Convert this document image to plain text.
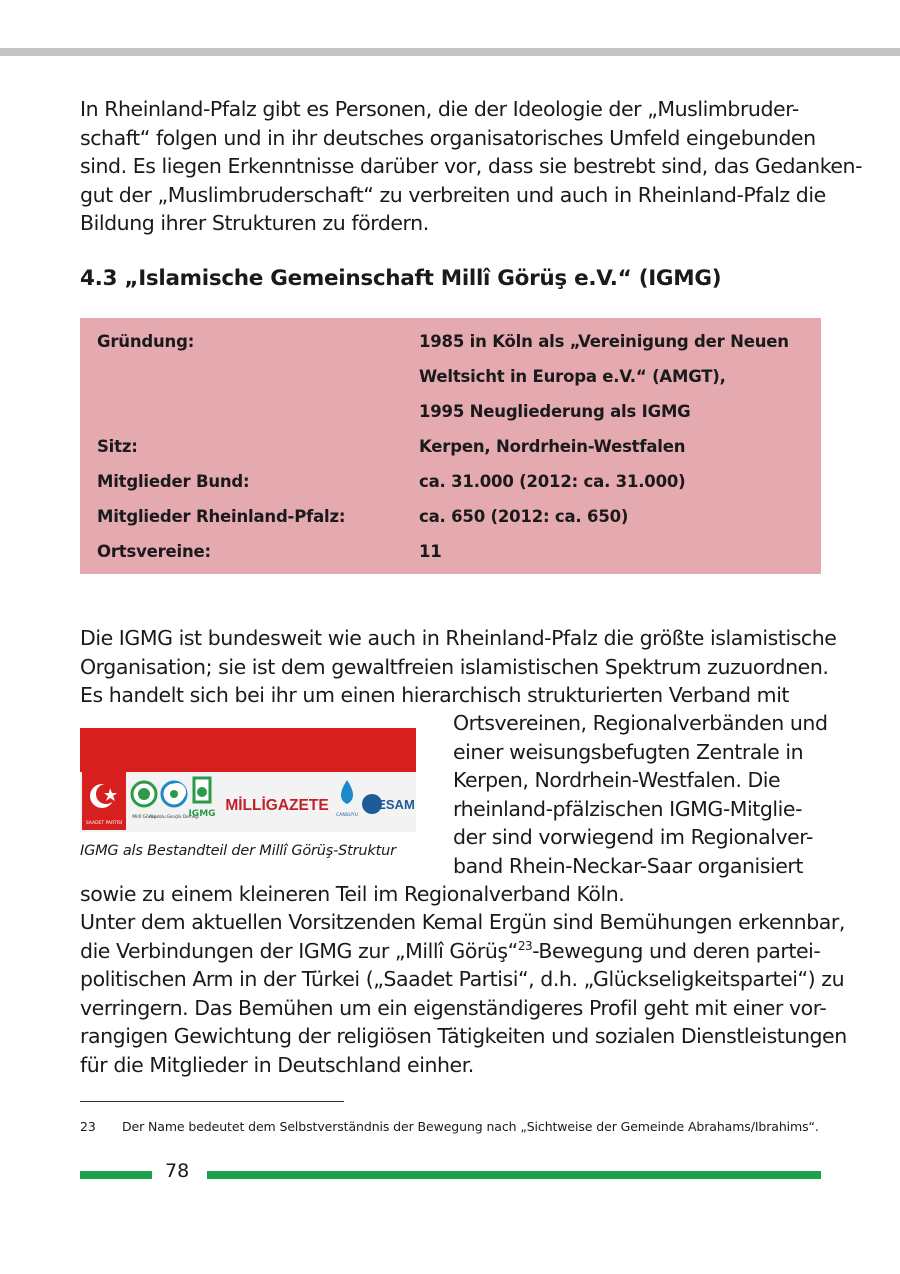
In Rheinland-Pfalz gibt es Personen, die der Ideologie der „Muslimbruder-
schaft“ folgen und in ihr deutsches organisatorisches Umfeld eingebunden
sind. Es liegen Erkenntnisse darüber vor, dass sie bestrebt sind, das Gedanken-
gut der „Muslimbruderschaft“ zu verbreiten und auch in Rheinland-Pfalz die
Bildung ihrer Strukturen zu fördern.
4.3 „Islamische Gemeinschaft Millî Görüş e.V.“ (IGMG)
Gründung:	1985 in Köln als „Vereinigung der Neuen
Weltsicht in Europa e.V.“ (AMGT),
1995 Neugliederung als IGMG
Sitz:	Kerpen, Nordrhein-Westfalen
Mitglieder Bund:	ca. 31.000 (2012: ca. 31.000)
Mitglieder Rheinland-Pfalz:	ca. 650 (2012: ca. 650)
Ortsvereine:	11
Die IGMG ist bundesweit wie auch in Rheinland-Pfalz die größte islamistische
Organisation; sie ist dem gewaltfreien islamistischen Spektrum zuzuordnen.
Es handelt sich bei ihr um einen hierarchisch strukturierten Verband mit
Ortsvereinen, Regionalverbänden und
einer weisungsbefugten Zentrale in
Kerpen, Nordrhein-Westfalen. Die
rheinland-pfälzischen IGMG-Mitglie-
der sind vorwiegend im Regionalver-
band Rhein-Neckar-Saar organisiert
SAADET PARTİSİ
Millî Görüş
Anadolu Gençlik Derneği
IGMG MİLLİGAZETE
CANSUYU
ESAM
IGMG als Bestandteil der Millî Görüş-Struktur
sowie zu einem kleineren Teil im Regionalverband Köln.
Unter dem aktuellen Vorsitzenden Kemal Ergün sind Bemühungen erkennbar,
die Verbindungen der IGMG zur „Millî Görüş“$^{23}$-Bewegung und deren partei-
politischen Arm in der Türkei („Saadet Partisi“, d.h. „Glückseligkeitspartei“) zu
verringern. Das Bemühen um ein eigenständigeres Profil geht mit einer vor-
rangigen Gewichtung der religiösen Tätigkeiten und sozialen Dienstleistungen
für die Mitglieder in Deutschland einher.
23 Der Name bedeutet dem Selbstverständnis der Bewegung nach „Sichtweise der Gemeinde Abrahams/Ibrahims“.
78
